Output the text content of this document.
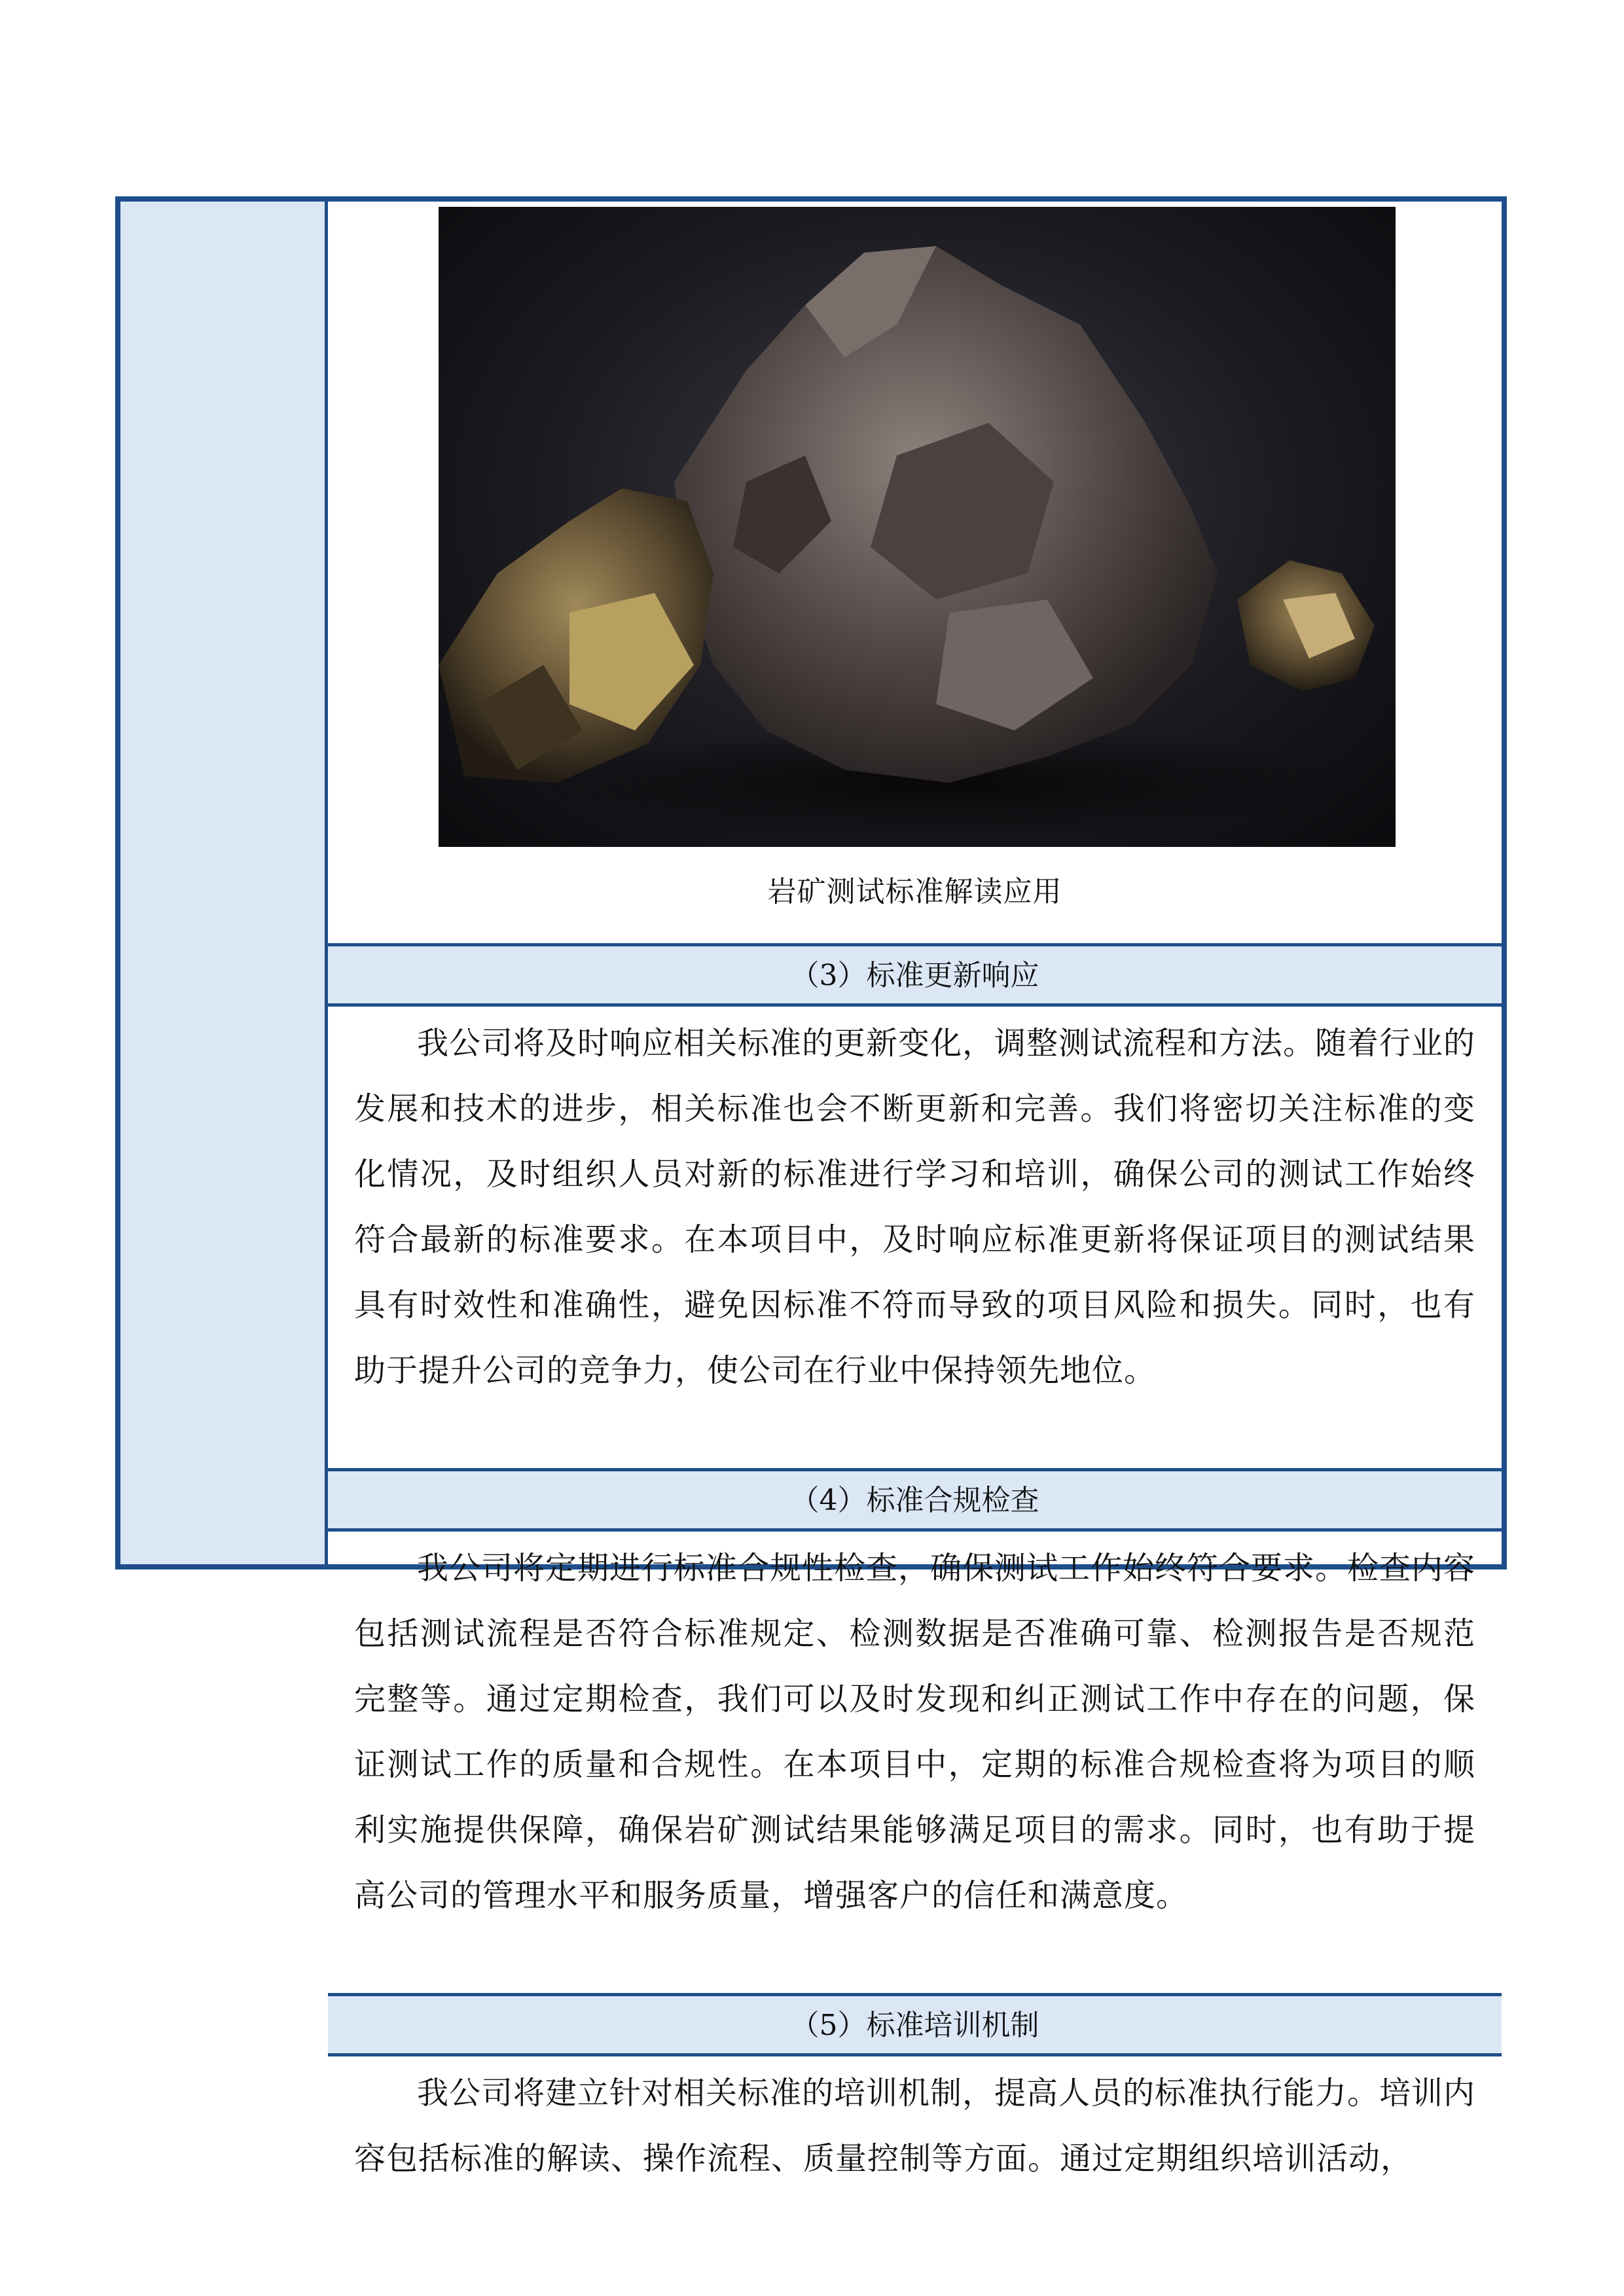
岩矿测试标准解读应用
（3）标准更新响应

我公司将及时响应相关标准的更新变化，调整测试流程和方法。随着行业的发展和技术的进步，相关标准也会不断更新和完善。我们将密切关注标准的变化情况，及时组织人员对新的标准进行学习和培训，确保公司的测试工作始终符合最新的标准要求。在本项目中，及时响应标准更新将保证项目的测试结果具有时效性和准确性，避免因标准不符而导致的项目风险和损失。同时，也有助于提升公司的竞争力，使公司在行业中保持领先地位。

（4）标准合规检查

我公司将定期进行标准合规性检查，确保测试工作始终符合要求。检查内容包括测试流程是否符合标准规定、检测数据是否准确可靠、检测报告是否规范完整等。通过定期检查，我们可以及时发现和纠正测试工作中存在的问题，保证测试工作的质量和合规性。在本项目中，定期的标准合规检查将为项目的顺利实施提供保障，确保岩矿测试结果能够满足项目的需求。同时，也有助于提高公司的管理水平和服务质量，增强客户的信任和满意度。

（5）标准培训机制

我公司将建立针对相关标准的培训机制，提高人员的标准执行能力。培训内容包括标准的解读、操作流程、质量控制等方面。通过定期组织培训活动，
